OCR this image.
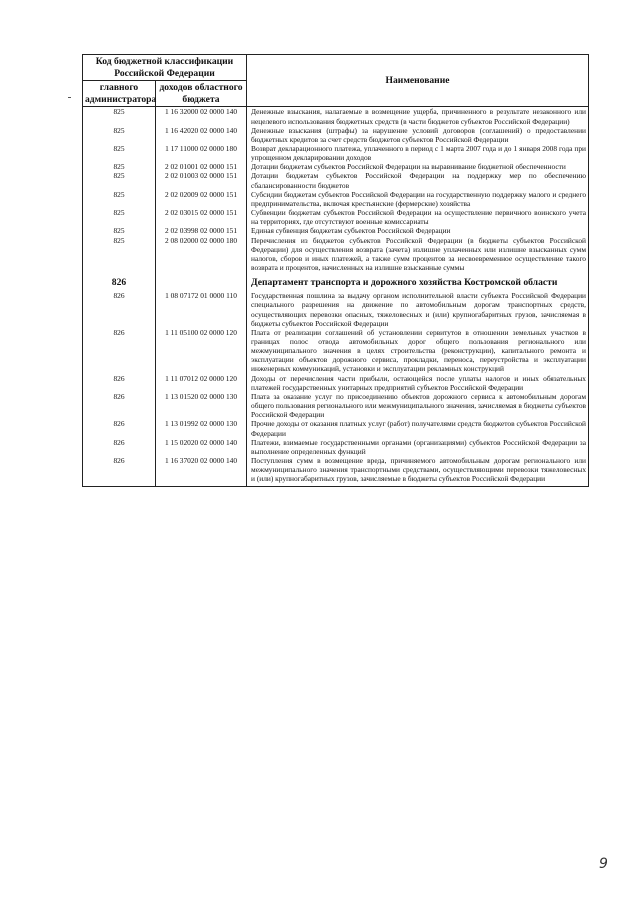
Код бюджетной классификации Российской Федерации		Наименование
главного администратора	доходов областного бюджета	
825	1 16 32000 02 0000 140	Денежные взыскания, налагаемые в возмещение ущерба, причиненного в результате незаконного или нецелевого использования бюджетных средств (в части бюджетов субъектов Российской Федерации)
825	1 16 42020 02 0000 140	Денежные взыскания (штрафы) за нарушение условий договоров (соглашений) о предоставлении бюджетных кредитов за счет средств бюджетов субъектов Российской Федерации
825	1 17 11000 02 0000 180	Возврат декларационного платежа, уплаченного в период с 1 марта 2007 года и до 1 января 2008 года при упрощенном декларировании доходов
825	2 02 01001 02 0000 151	Дотации бюджетам субъектов Российской Федерации на выравнивание бюджетной обеспеченности
825	2 02 01003 02 0000 151	Дотации бюджетам субъектов Российской Федерации на поддержку мер по обеспечению сбалансированности бюджетов
825	2 02 02009 02 0000 151	Субсидии бюджетам субъектов Российской Федерации на государственную поддержку малого и среднего предпринимательства, включая крестьянские (фермерские) хозяйства
825	2 02 03015 02 0000 151	Субвенции бюджетам субъектов Российской Федерации на осуществление первичного воинского учета на территориях, где отсутствуют военные комиссариаты
825	2 02 03998 02 0000 151	Единая субвенция бюджетам субъектов Российской Федерации
825	2 08 02000 02 0000 180	Перечисления из бюджетов субъектов Российской Федерации (в бюджеты субъектов Российской Федерации) для осуществления возврата (зачета) излишне уплаченных или излишне взысканных сумм налогов, сборов и иных платежей, а также сумм процентов за несвоевременное осуществление такого возврата и процентов, начисленных на излишне взысканные суммы

826		Департамент транспорта и дорожного хозяйства Костромской области
826	1 08 07172 01 0000 110	Государственная пошлина за выдачу органом исполнительной власти субъекта Российской Федерации специального разрешения на движение по автомобильным дорогам транспортных средств, осуществляющих перевозки опасных, тяжеловесных и (или) крупногабаритных грузов, зачисляемая в бюджеты субъектов Российской Федерации
826	1 11 05100 02 0000 120	Плата от реализации соглашений об установлении сервитутов в отношении земельных участков в границах полос отвода автомобильных дорог общего пользования регионального или межмуниципального значения в целях строительства (реконструкции), капитального ремонта и эксплуатации объектов дорожного сервиса, прокладки, переноса, переустройства и эксплуатации инженерных коммуникаций, установки и эксплуатации рекламных конструкций
826	1 11 07012 02 0000 120	Доходы от перечисления части прибыли, остающейся после уплаты налогов и иных обязательных платежей государственных унитарных предприятий субъектов Российской Федерации
826	1 13 01520 02 0000 130	Плата за оказание услуг по присоединению объектов дорожного сервиса к автомобильным дорогам общего пользования регионального или межмуниципального значения, зачисляемая в бюджеты субъектов Российской Федерации
826	1 13 01992 02 0000 130	Прочие доходы от оказания платных услуг (работ) получателями средств бюджетов субъектов Российской Федерации
826	1 15 02020 02 0000 140	Платежи, взимаемые государственными органами (организациями) субъектов Российской Федерации за выполнение определенных функций
826	1 16 37020 02 0000 140	Поступления сумм в возмещение вреда, причиняемого автомобильным дорогам регионального или межмуниципального значения транспортными средствами, осуществляющими перевозки тяжеловесных и (или) крупногабаритных грузов, зачисляемые в бюджеты субъектов Российской Федерации

9
